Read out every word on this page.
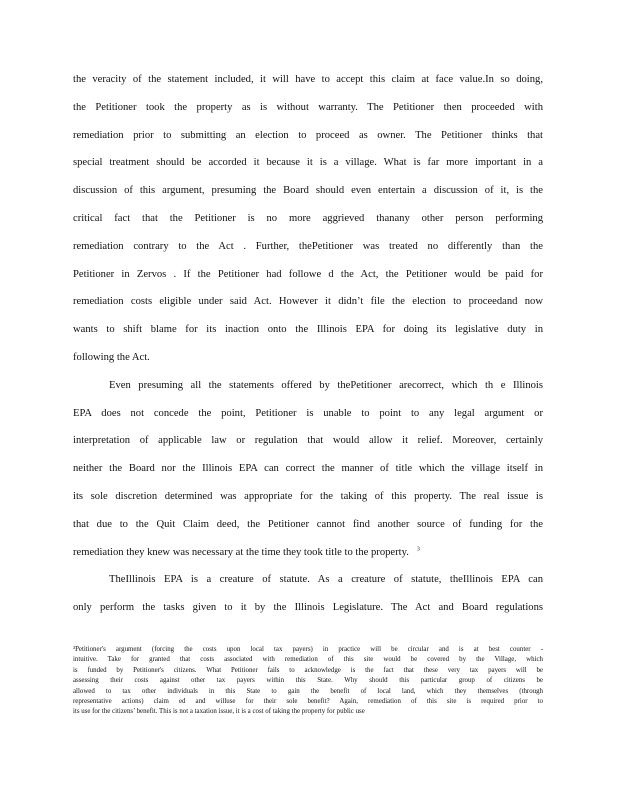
the veracity of the statement included, it will have to accept this claim at face value.In so doing,
the Petitioner took the property as is without warranty. The Petitioner then proceeded with
remediation prior to submitting an election to proceed as owner. The Petitioner thinks that
special treatment should be accorded it because it is a village. What is far more important in a
discussion of this argument, presuming the Board should even entertain a discussion of it, is the
critical fact that the Petitioner is no more aggrieved thanany other person performing
remediation contrary to the Act . Further, thePetitioner was treated no differently than the
Petitioner in Zervos . If the Petitioner had followe d the Act, the Petitioner would be paid for
remediation costs eligible under said Act. However it didn’t file the election to proceedand now
wants to shift blame for its inaction onto the Illinois EPA for doing its legislative duty in
following the Act.
Even presuming all the statements offered by thePetitioner arecorrect, which th e Illinois
EPA does not concede the point, Petitioner is unable to point to any legal argument or
interpretation of applicable law or regulation that would allow it relief. Moreover, certainly
neither the Board nor the Illinois EPA can correct the manner of title which the village itself in
its sole discretion determined was appropriate for the taking of this property. The real issue is
that due to the Quit Claim deed, the Petitioner cannot find another source of funding for the
remediation they knew was necessary at the time they took title to the property. $^3$
TheIllinois EPA is a creature of statute. As a creature of statute, theIllinois EPA can
only perform the tasks given to it by the Illinois Legislature. The Act and Board regulations
³Petitioner's argument (forcing the costs upon local tax payers) in practice will be circular and is at best counter -
intuitive. Take for granted that costs associated with remediation of this site would be covered by the Village, which
is funded by Petitioner's citizens. What Petitioner fails to acknowledge is the fact that these very tax payers will be
assessing their costs against other tax payers within this State. Why should this particular group of citizens be
allowed to tax other individuals in this State to gain the benefit of local land, which they themselves (through
representative actions) claim ed and willuse for their sole benefit? Again, remediation of this site is required prior to
its use for the citizens’ benefit. This is not a taxation issue, it is a cost of taking the property for public use
